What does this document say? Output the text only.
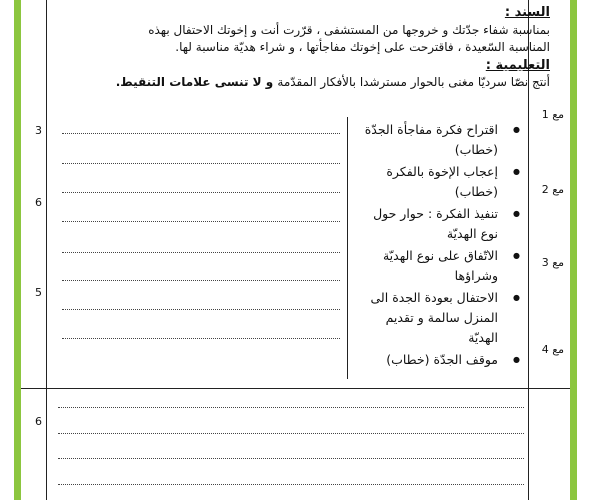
السند :
بمناسبة شفاء جدّتك و خروجها من المستشفى ، قرّرت أنت و إخوتك الاحتفال بهذه
المناسبة السّعيدة ، فاقترحت على إخوتك مفاجأتها ، و شراء هديّة مناسبة لها.
التعليمية :
أنتج نصّا سرديّا مغنى بالحوار مسترشدا بالأفكار المقدّمة و لا تنسى علامات التنقيط.
مع 1
مع 2
مع 3
مع 4
3
6
5
6
● اقتراح فكرة مفاجأة الجدّة (خطاب)
● إعجاب الإخوة بالفكرة (خطاب)
● تنفيذ الفكرة : حوار حول نوع الهديّة
● الاتّفاق على نوع الهديّة وشراؤها
● الاحتفال بعودة الجدة الى المنزل سالمة و تقديم الهديّة
● موقف الجدّة (خطاب)
